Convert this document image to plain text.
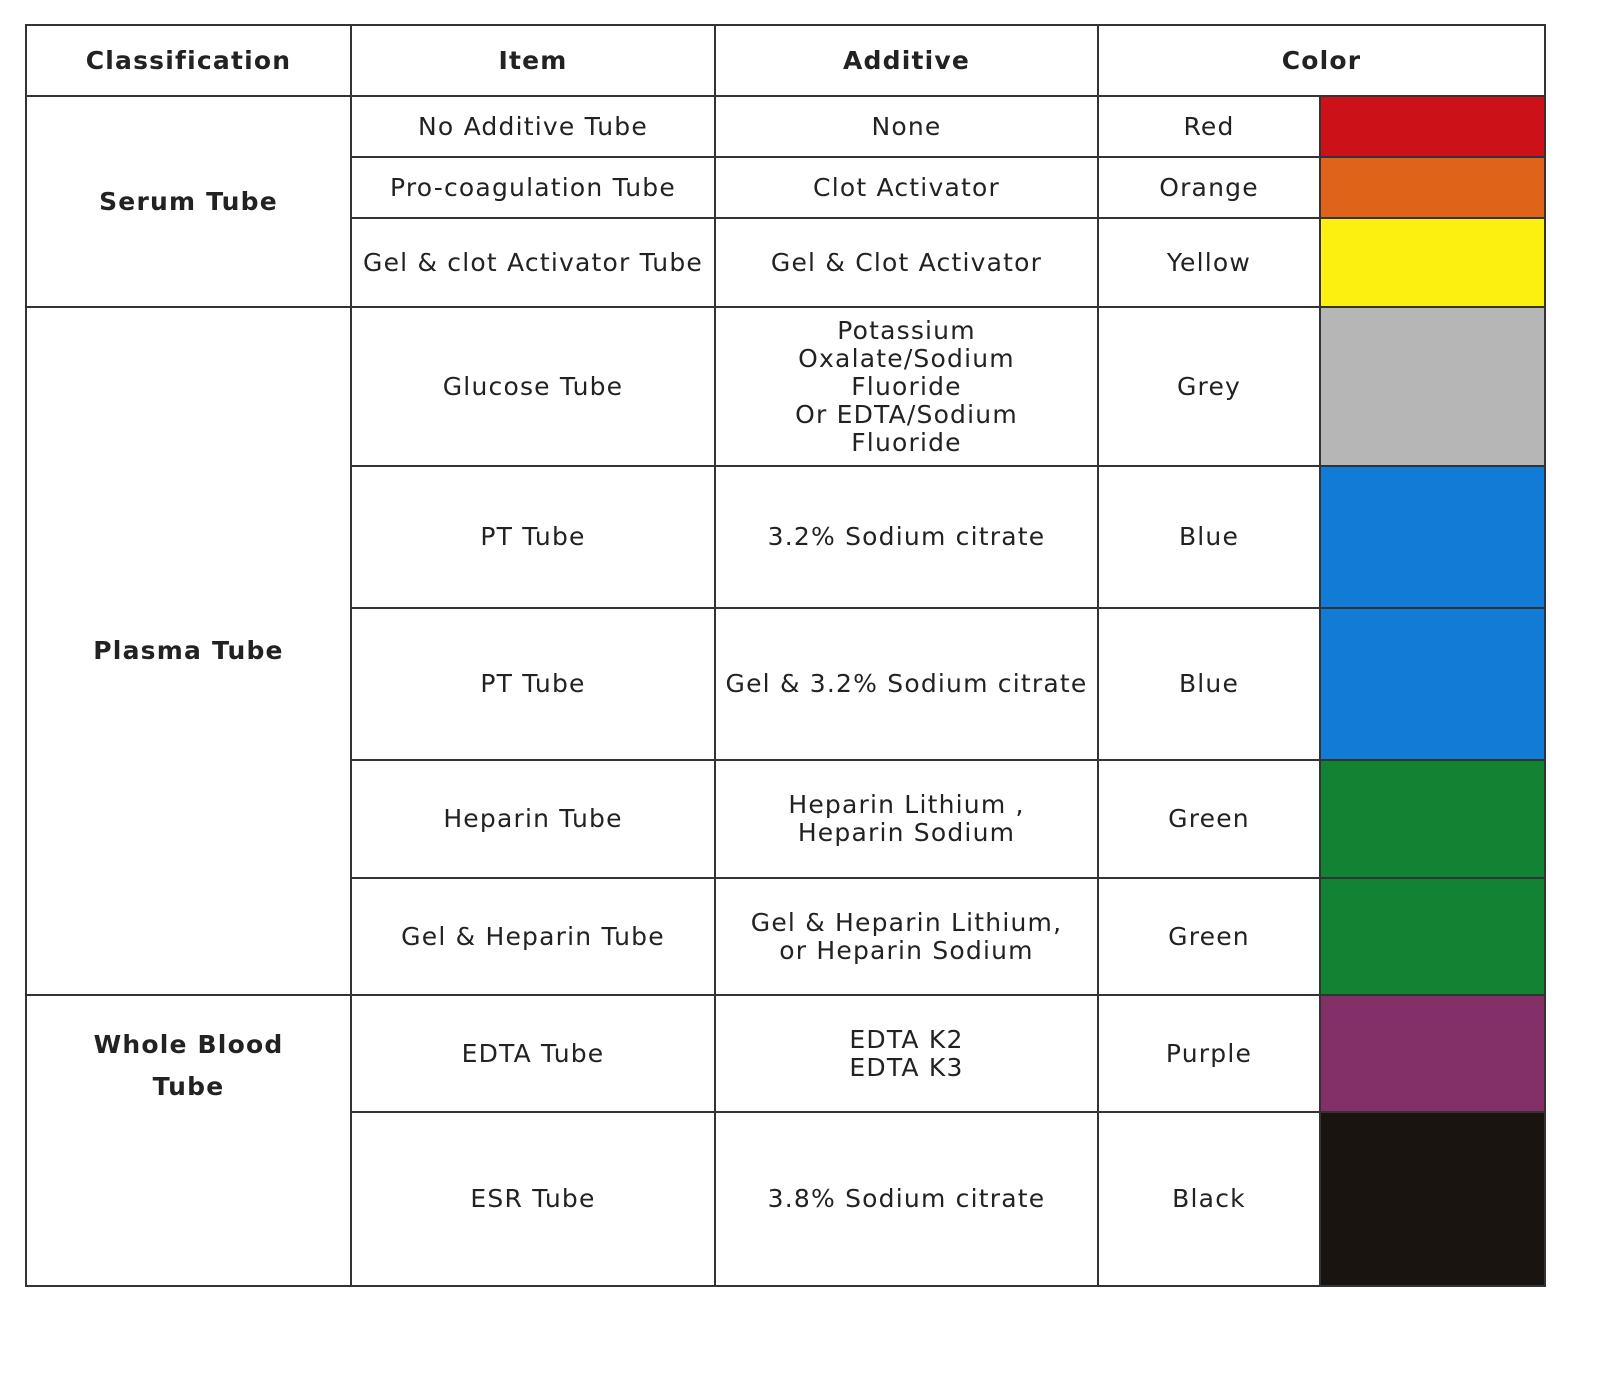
Classification	Item	Additive	Color	
Serum Tube	No Additive Tube	None	Red	
	Pro-coagulation Tube	Clot Activator	Orange	
	Gel & clot Activator Tube	Gel & Clot Activator	Yellow	
Plasma Tube	Glucose Tube	Potassium
Oxalate/Sodium
Fluoride
Or EDTA/Sodium
Fluoride	Grey	
	PT Tube	3.2% Sodium citrate	Blue	
	PT Tube	Gel & 3.2% Sodium citrate	Blue	
	Heparin Tube	Heparin Lithium ,
Heparin Sodium	Green	
	Gel & Heparin Tube	Gel & Heparin Lithium,
or Heparin Sodium	Green	
Whole Blood
Tube	EDTA Tube	EDTA K2
EDTA K3	Purple	
	ESR Tube	3.8% Sodium citrate	Black	
